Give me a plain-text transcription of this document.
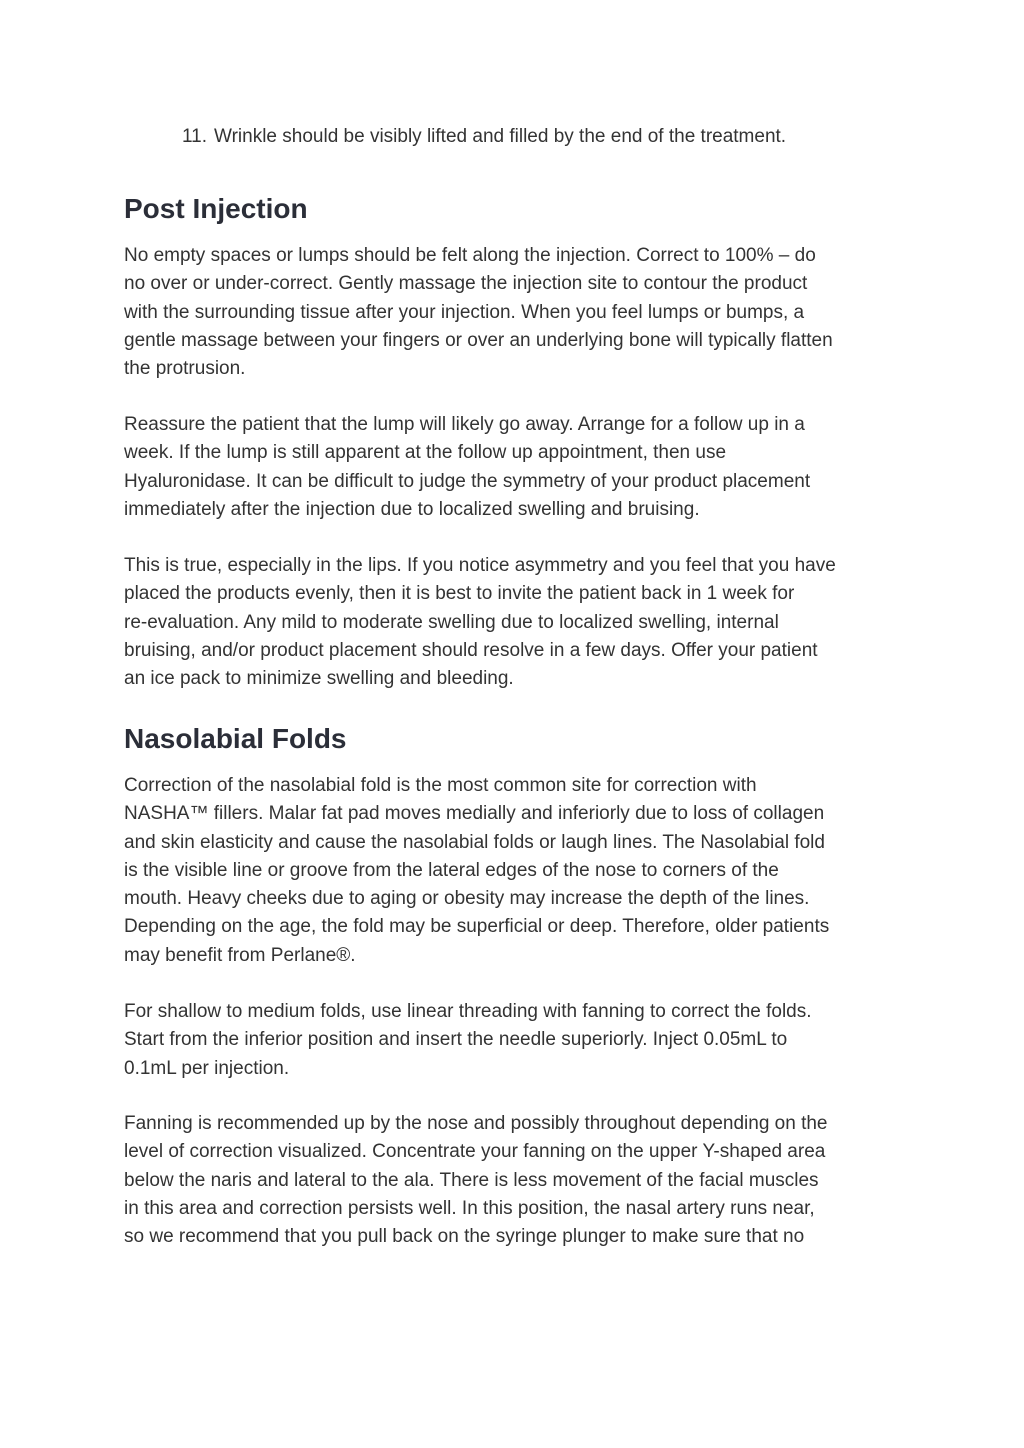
11. Wrinkle should be visibly lifted and filled by the end of the treatment.
Post Injection

No empty spaces or lumps should be felt along the injection. Correct to 100% – do
no over or under-correct. Gently massage the injection site to contour the product
with the surrounding tissue after your injection. When you feel lumps or bumps, a
gentle massage between your fingers or over an underlying bone will typically flatten
the protrusion.

Reassure the patient that the lump will likely go away. Arrange for a follow up in a
week. If the lump is still apparent at the follow up appointment, then use
Hyaluronidase. It can be difficult to judge the symmetry of your product placement
immediately after the injection due to localized swelling and bruising.

This is true, especially in the lips. If you notice asymmetry and you feel that you have
placed the products evenly, then it is best to invite the patient back in 1 week for
re-evaluation. Any mild to moderate swelling due to localized swelling, internal
bruising, and/or product placement should resolve in a few days. Offer your patient
an ice pack to minimize swelling and bleeding.

Nasolabial Folds

Correction of the nasolabial fold is the most common site for correction with
NASHA™ fillers. Malar fat pad moves medially and inferiorly due to loss of collagen
and skin elasticity and cause the nasolabial folds or laugh lines. The Nasolabial fold
is the visible line or groove from the lateral edges of the nose to corners of the
mouth. Heavy cheeks due to aging or obesity may increase the depth of the lines.
Depending on the age, the fold may be superficial or deep. Therefore, older patients
may benefit from Perlane®.

For shallow to medium folds, use linear threading with fanning to correct the folds.
Start from the inferior position and insert the needle superiorly. Inject 0.05mL to
0.1mL per injection.

Fanning is recommended up by the nose and possibly throughout depending on the
level of correction visualized. Concentrate your fanning on the upper Y-shaped area
below the naris and lateral to the ala. There is less movement of the facial muscles
in this area and correction persists well. In this position, the nasal artery runs near,
so we recommend that you pull back on the syringe plunger to make sure that no
